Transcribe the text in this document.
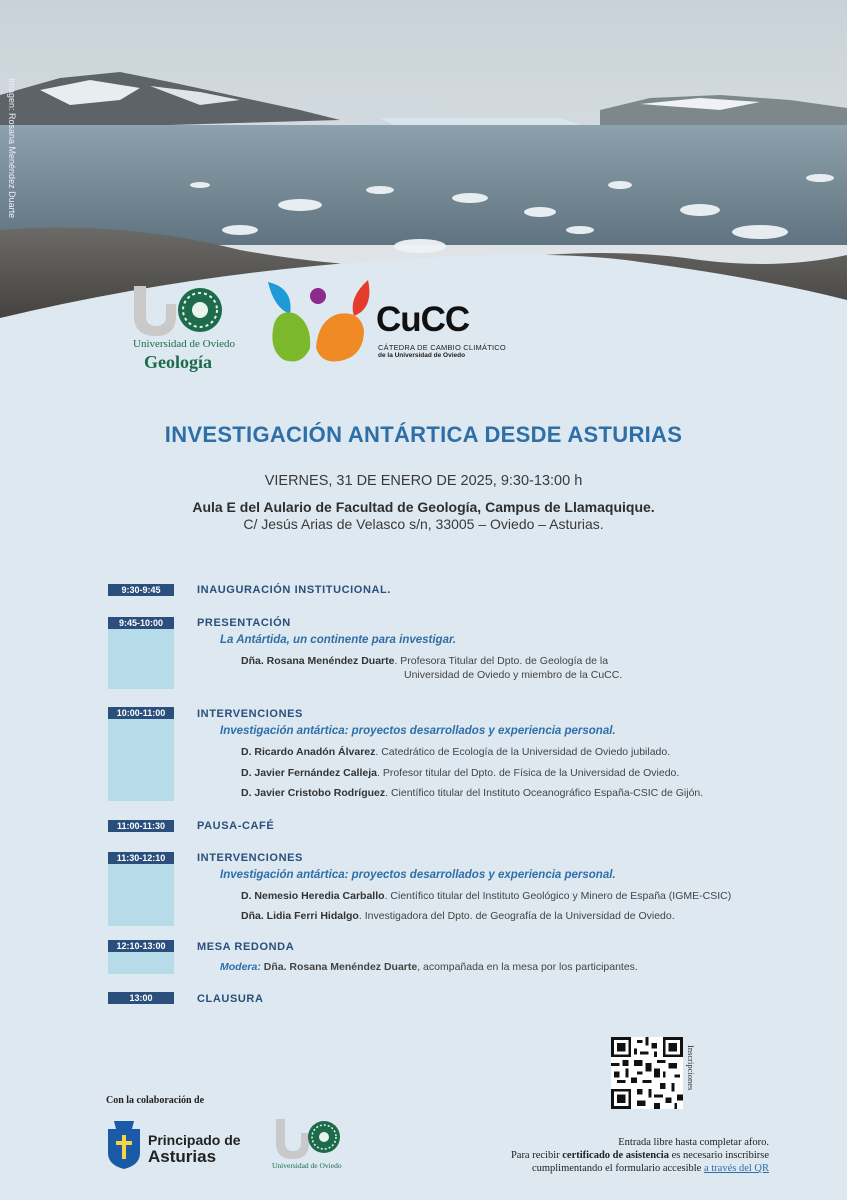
Imagen: Rosana Menéndez Duarte
Universidad de Oviedo
Geología
CuCC
CÁTEDRA DE CAMBIO CLIMÁTICO
de la Universidad de Oviedo
INVESTIGACIÓN ANTÁRTICA DESDE ASTURIAS
VIERNES, 31 DE ENERO DE 2025, 9:30-13:00 h
Aula E del Aulario de Facultad de Geología, Campus de Llamaquique.
C/ Jesús Arias de Velasco s/n, 33005 – Oviedo – Asturias.
9:30-9:45	INAUGURACIÓN INSTITUCIONAL.
9:45-10:00	PRESENTACIÓN
La Antártida, un continente para investigar.
Dña. Rosana Menéndez Duarte. Profesora Titular del Dpto. de Geología de la
Universidad de Oviedo y miembro de la CuCC.
10:00-11:00	INTERVENCIONES
Investigación antártica: proyectos desarrollados y experiencia personal.
D. Ricardo Anadón Álvarez. Catedrático de Ecología de la Universidad de Oviedo jubilado.
D. Javier Fernández Calleja. Profesor titular del Dpto. de Física de la Universidad de Oviedo.
D. Javier Cristobo Rodríguez. Científico titular del Instituto Oceanográfico España-CSIC de Gijón.
11:00-11:30	PAUSA-CAFÉ
11:30-12:10	INTERVENCIONES
Investigación antártica: proyectos desarrollados y experiencia personal.
D. Nemesio Heredia Carballo. Científico titular del Instituto Geológico y Minero de España (IGME-CSIC)
Dña. Lidia Ferri Hidalgo. Investigadora del Dpto. de Geografía de la Universidad de Oviedo.
12:10-13:00	MESA REDONDA
Modera: Dña. Rosana Menéndez Duarte, acompañada en la mesa por los participantes.
13:00	CLAUSURA
Inscripciones
Con la colaboración de
Principado de
Asturias	Universidad de Oviedo
Entrada libre hasta completar aforo.
Para recibir certificado de asistencia es necesario inscribirse
cumplimentando el formulario accesible a través del QR
